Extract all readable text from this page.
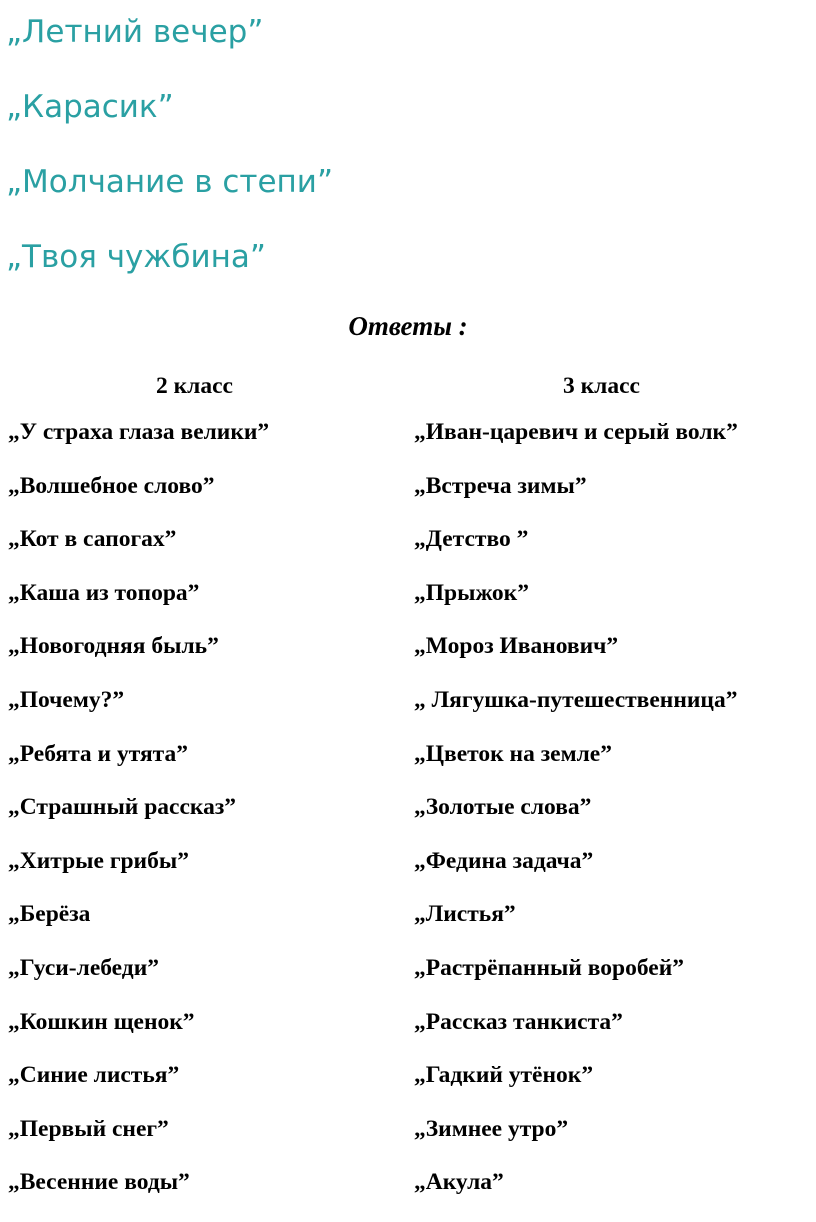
„Летний вечер”
„Карасик”
„Молчание в степи”
„Твоя чужбина”
Ответы :
2 класс
„У страха глаза велики”
„Волшебное слово”
„Кот в сапогах”
„Каша из топора”
„Новогодняя быль”
„Почему?”
„Ребята и утята”
„Страшный рассказ”
„Хитрые грибы”
„Берёза
„Гуси-лебеди”
„Кошкин щенок”
„Синие листья”
„Первый снег”
„Весенние воды”
3 класс
„Иван-царевич и серый волк”
„Встреча зимы”
„Детство ”
„Прыжок”
„Мороз Иванович”
„ Лягушка-путешественница”
„Цветок на земле”
„Золотые слова”
„Федина задача”
„Листья”
„Растрёпанный воробей”
„Рассказ танкиста”
„Гадкий утёнок”
„Зимнее утро”
„Акула”
